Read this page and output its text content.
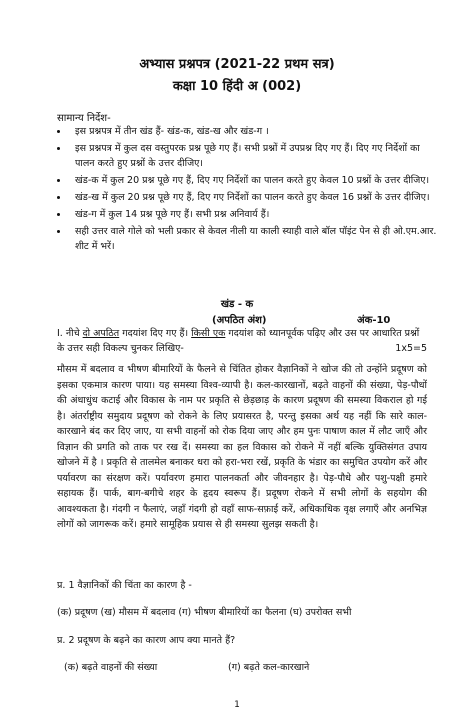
अभ्यास प्रश्नपत्र (2021-22 प्रथम सत्र)
कक्षा 10 हिंदी अ (002)
सामान्य निर्देश-
• इस प्रश्नपत्र में तीन खंड हैं- खंड-क, खंड-ख और खंड-ग ।
• इस प्रश्नपत्र में कुल दस वस्तुपरक प्रश्न पूछे गए हैं। सभी प्रश्नों में उपप्रश्न दिए गए हैं। दिए गए निर्देशों का पालन करते हुए प्रश्नों के उत्तर दीजिए।
• खंड-क में कुल 20 प्रश्न पूछे गए हैं, दिए गए निर्देशों का पालन करते हुए केवल 10 प्रश्नों के उत्तर दीजिए।
• खंड-ख में कुल 20 प्रश्न पूछे गए हैं, दिए गए निर्देशों का पालन करते हुए केवल 16 प्रश्नों के उत्तर दीजिए।
• खंड-ग में कुल 14 प्रश्न पूछे गए हैं। सभी प्रश्न अनिवार्य हैं।
• सही उत्तर वाले गोले को भली प्रकार से केवल नीली या काली स्याही वाले बॉल पॉइंट पेन से ही ओ.एम.आर. शीट में भरें।
खंड - क
(अपठित अंश)	अंक-10
I. नीचे दो अपठित गदयांश दिए गए हैं। किसी एक गदयांश को ध्यानपूर्वक पढ़िए और उस पर आधारित प्रश्नों के उत्तर सही विकल्प चुनकर लिखिए-	1x5=5

मौसम में बदलाव व भीषण बीमारियों के फैलने से चिंतित होकर वैज्ञानिकों ने खोज की तो उन्होंने प्रदूषण को इसका एकमात्र कारण पाया। यह समस्या विश्व-व्यापी है। कल-कारखानों, बढ़ते वाहनों की संख्या, पेड़-पौधों की अंधाधुंध कटाई और विकास के नाम पर प्रकृति से छेड़छाड़ के कारण प्रदूषण की समस्या विकराल हो गई है। अंतर्राष्ट्रीय समुदाय प्रदूषण को रोकने के लिए प्रयासरत है, परन्तु इसका अर्थ यह नहीं कि सारे काल-कारखाने बंद कर दिए जाए, या सभी वाहनों को रोक दिया जाए और हम पुनः पाषाण काल में लौट जाएँ और विज्ञान की प्रगति को ताक पर रख दें। समस्या का हल विकास को रोकने में नहीं बल्कि युक्तिसंगत उपाय खोजने में है । प्रकृति से तालमेल बनाकर धरा को हरा-भरा रखें, प्रकृति के भंडार का समुचित उपयोग करें और पर्यावरण का संरक्षण करें। पर्यावरण हमारा पालनकर्ता और जीवनहार है। पेड़-पौधे और पशु-पक्षी हमारे सहायक हैं। पार्क, बाग-बगीचे शहर के हृदय स्वरूप हैं। प्रदूषण रोकने में सभी लोगों के सहयोग की आवश्यकता है। गंदगी न फैलाएं, जहाँ गंदगी हो वहाँ साफ-सफ़ाई करें, अधिकाधिक वृक्ष लगाएँ और अनभिज्ञ लोगों को जागरूक करें। हमारे सामूहिक प्रयास से ही समस्या सुलझ सकती है।

प्र. 1 वैज्ञानिकों की चिंता का कारण है -
(क) प्रदूषण (ख) मौसम में बदलाव (ग) भीषण बीमारियों का फैलना (घ) उपरोक्त सभी
प्र. 2 प्रदूषण के बढ़ने का कारण आप क्या मानते हैं?
(क) बढ़ते वाहनों की संख्या	(ग) बढ़ते कल-कारखाने
1
